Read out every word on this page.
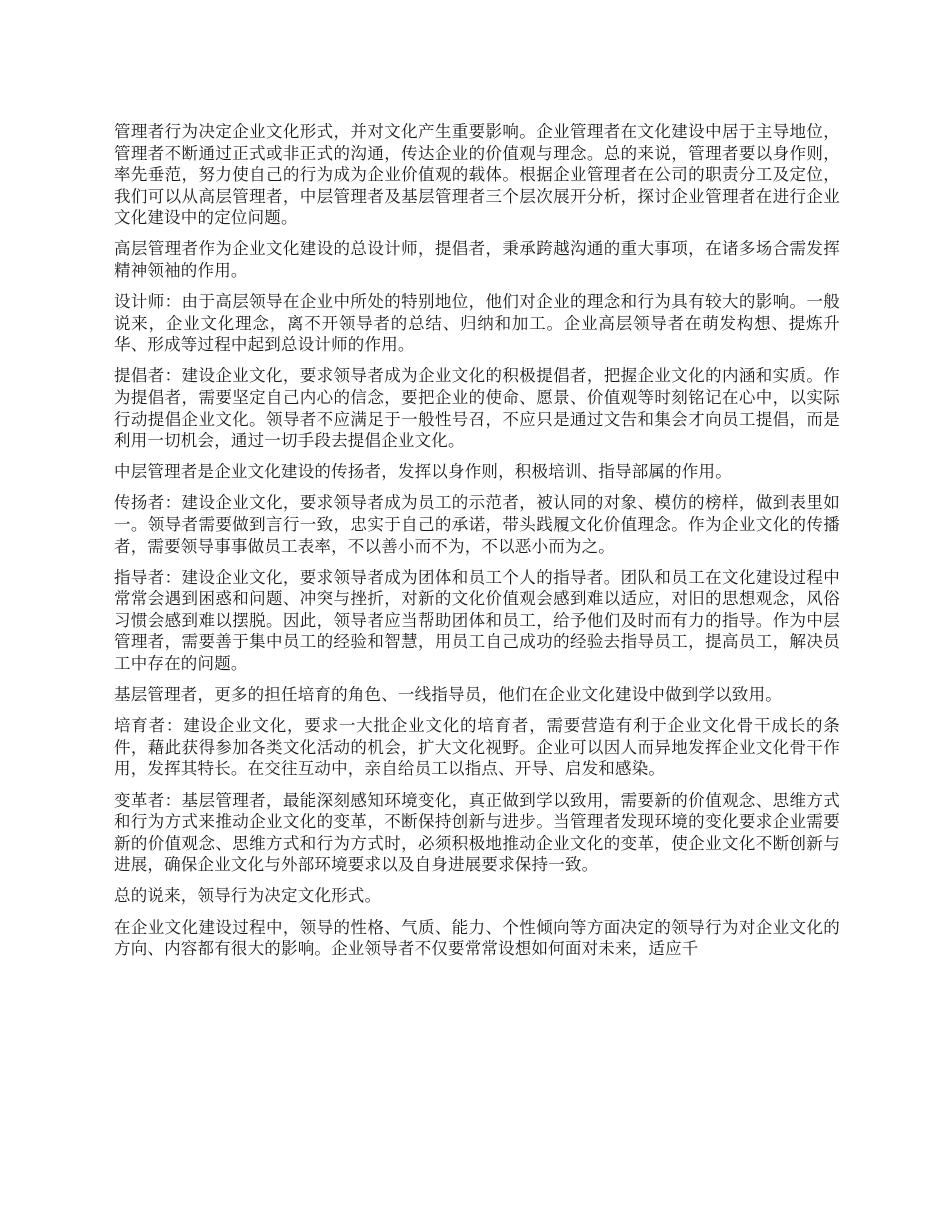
管理者行为决定企业文化形式，并对文化产生重要影响。企业管理者在文化建设中居于主导地位，管理者不断通过正式或非正式的沟通，传达企业的价值观与理念。总的来说，管理者要以身作则，率先垂范，努力使自己的行为成为企业价值观的载体。根据企业管理者在公司的职责分工及定位，我们可以从高层管理者，中层管理者及基层管理者三个层次展开分析，探讨企业管理者在进行企业文化建设中的定位问题。

高层管理者作为企业文化建设的总设计师，提倡者，秉承跨越沟通的重大事项，在诸多场合需发挥精神领袖的作用。

设计师：由于高层领导在企业中所处的特别地位，他们对企业的理念和行为具有较大的影响。一般说来，企业文化理念，离不开领导者的总结、归纳和加工。企业高层领导者在萌发构想、提炼升华、形成等过程中起到总设计师的作用。

提倡者：建设企业文化，要求领导者成为企业文化的积极提倡者，把握企业文化的内涵和实质。作为提倡者，需要坚定自己内心的信念，要把企业的使命、愿景、价值观等时刻铭记在心中，以实际行动提倡企业文化。领导者不应满足于一般性号召，不应只是通过文告和集会才向员工提倡，而是利用一切机会，通过一切手段去提倡企业文化。

中层管理者是企业文化建设的传扬者，发挥以身作则，积极培训、指导部属的作用。

传扬者：建设企业文化，要求领导者成为员工的示范者，被认同的对象、模仿的榜样，做到表里如一。领导者需要做到言行一致，忠实于自己的承诺，带头践履文化价值理念。作为企业文化的传播者，需要领导事事做员工表率，不以善小而不为，不以恶小而为之。

指导者：建设企业文化，要求领导者成为团体和员工个人的指导者。团队和员工在文化建设过程中常常会遇到困惑和问题、冲突与挫折，对新的文化价值观会感到难以适应，对旧的思想观念，风俗习惯会感到难以摆脱。因此，领导者应当帮助团体和员工，给予他们及时而有力的指导。作为中层管理者，需要善于集中员工的经验和智慧，用员工自己成功的经验去指导员工，提高员工，解决员工中存在的问题。

基层管理者，更多的担任培育的角色、一线指导员，他们在企业文化建设中做到学以致用。

培育者：建设企业文化，要求一大批企业文化的培育者，需要营造有利于企业文化骨干成长的条件，藉此获得参加各类文化活动的机会，扩大文化视野。企业可以因人而异地发挥企业文化骨干作用，发挥其特长。在交往互动中，亲自给员工以指点、开导、启发和感染。

变革者：基层管理者，最能深刻感知环境变化，真正做到学以致用，需要新的价值观念、思维方式和行为方式来推动企业文化的变革，不断保持创新与进步。当管理者发现环境的变化要求企业需要新的价值观念、思维方式和行为方式时，必须积极地推动企业文化的变革，使企业文化不断创新与进展，确保企业文化与外部环境要求以及自身进展要求保持一致。

总的说来，领导行为决定文化形式。

在企业文化建设过程中，领导的性格、气质、能力、个性倾向等方面决定的领导行为对企业文化的方向、内容都有很大的影响。企业领导者不仅要常常设想如何面对未来，适应千
